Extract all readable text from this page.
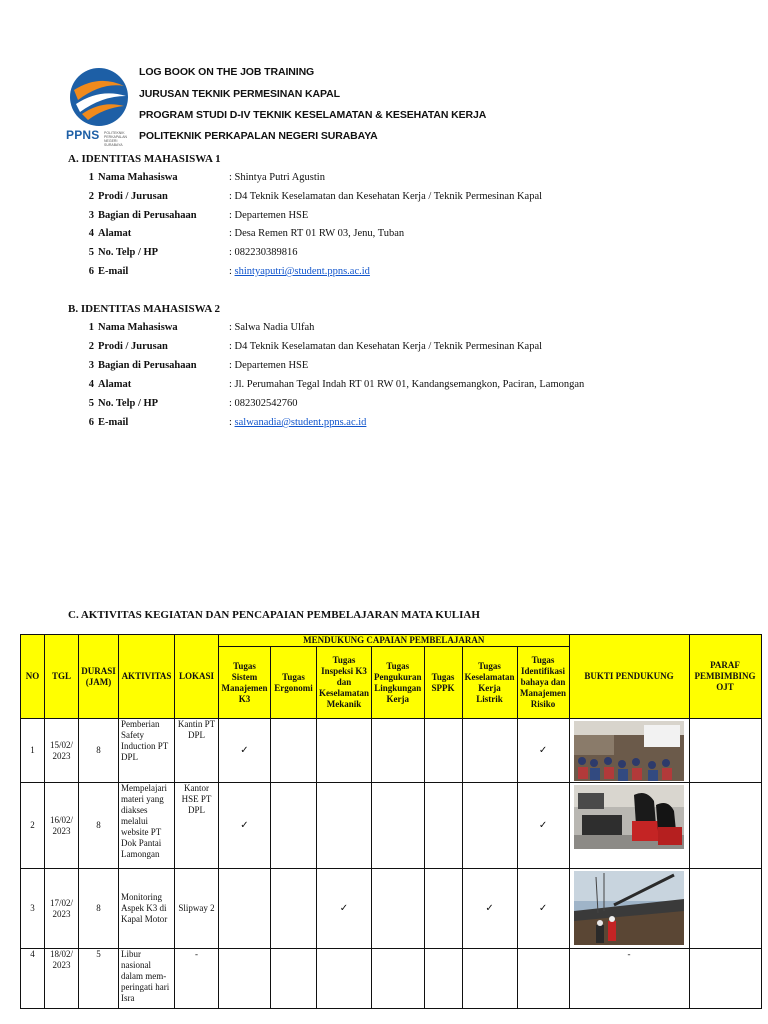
PPNS POLITEKNIK PERKAPALAN NEGERI SURABAYA
LOG BOOK ON THE JOB TRAINING
JURUSAN TEKNIK PERMESINAN KAPAL
PROGRAM STUDI D-IV TEKNIK KESELAMATAN & KESEHATAN KERJA
POLITEKNIK PERKAPALAN NEGERI SURABAYA
A. IDENTITAS MAHASISWA 1
1 Nama Mahasiswa	: Shintya Putri Agustin
2 Prodi / Jurusan	: D4 Teknik Keselamatan dan Kesehatan Kerja / Teknik Permesinan Kapal
3 Bagian di Perusahaan	: Departemen HSE
4 Alamat	: Desa Remen RT 01 RW 03, Jenu, Tuban
5 No. Telp / HP	: 082230389816
6 E-mail	: shintyaputri@student.ppns.ac.id
B. IDENTITAS MAHASISWA 2
1 Nama Mahasiswa	: Salwa Nadia Ulfah
2 Prodi / Jurusan	: D4 Teknik Keselamatan dan Kesehatan Kerja / Teknik Permesinan Kapal
3 Bagian di Perusahaan	: Departemen HSE
4 Alamat	: Jl. Perumahan Tegal Indah RT 01 RW 01, Kandangsemangkon, Paciran, Lamongan
5 No. Telp / HP	: 082302542760
6 E-mail	: salwanadia@student.ppns.ac.id
C. AKTIVITAS KEGIATAN DAN PENCAPAIAN PEMBELAJARAN MATA KULIAH
NO	TGL	DURASI (JAM)	AKTIVITAS	LOKASI	MENDUKUNG CAPAIAN PEMBELAJARAN							BUKTI PENDUKUNG	PARAF PEMBIMBING OJT
					Tugas Sistem Manajemen K3	Tugas Ergonomi	Tugas Inspeksi K3 dan Keselamatan Mekanik	Tugas Pengukuran Lingkungan Kerja	Tugas SPPK	Tugas Keselamatan Kerja Listrik	Tugas Identifikasi bahaya dan Manajemen Risiko		
1	15/02/ 2023	8	Pemberian Safety Induction PT DPL	Kantin PT DPL	✓						✓	

2	16/02/ 2023	8	Mempelajari materi yang diakses melalui website PT Dok Pantai Lamongan	Kantor HSE PT DPL	✓						✓	

3	17/02/ 2023	8	Monitoring Aspek K3 di Kapal Motor	Slipway 2			✓			✓	✓	

4	18/02/ 2023	5	Libur nasional dalam mem-peringati hari Isra	-								-	
